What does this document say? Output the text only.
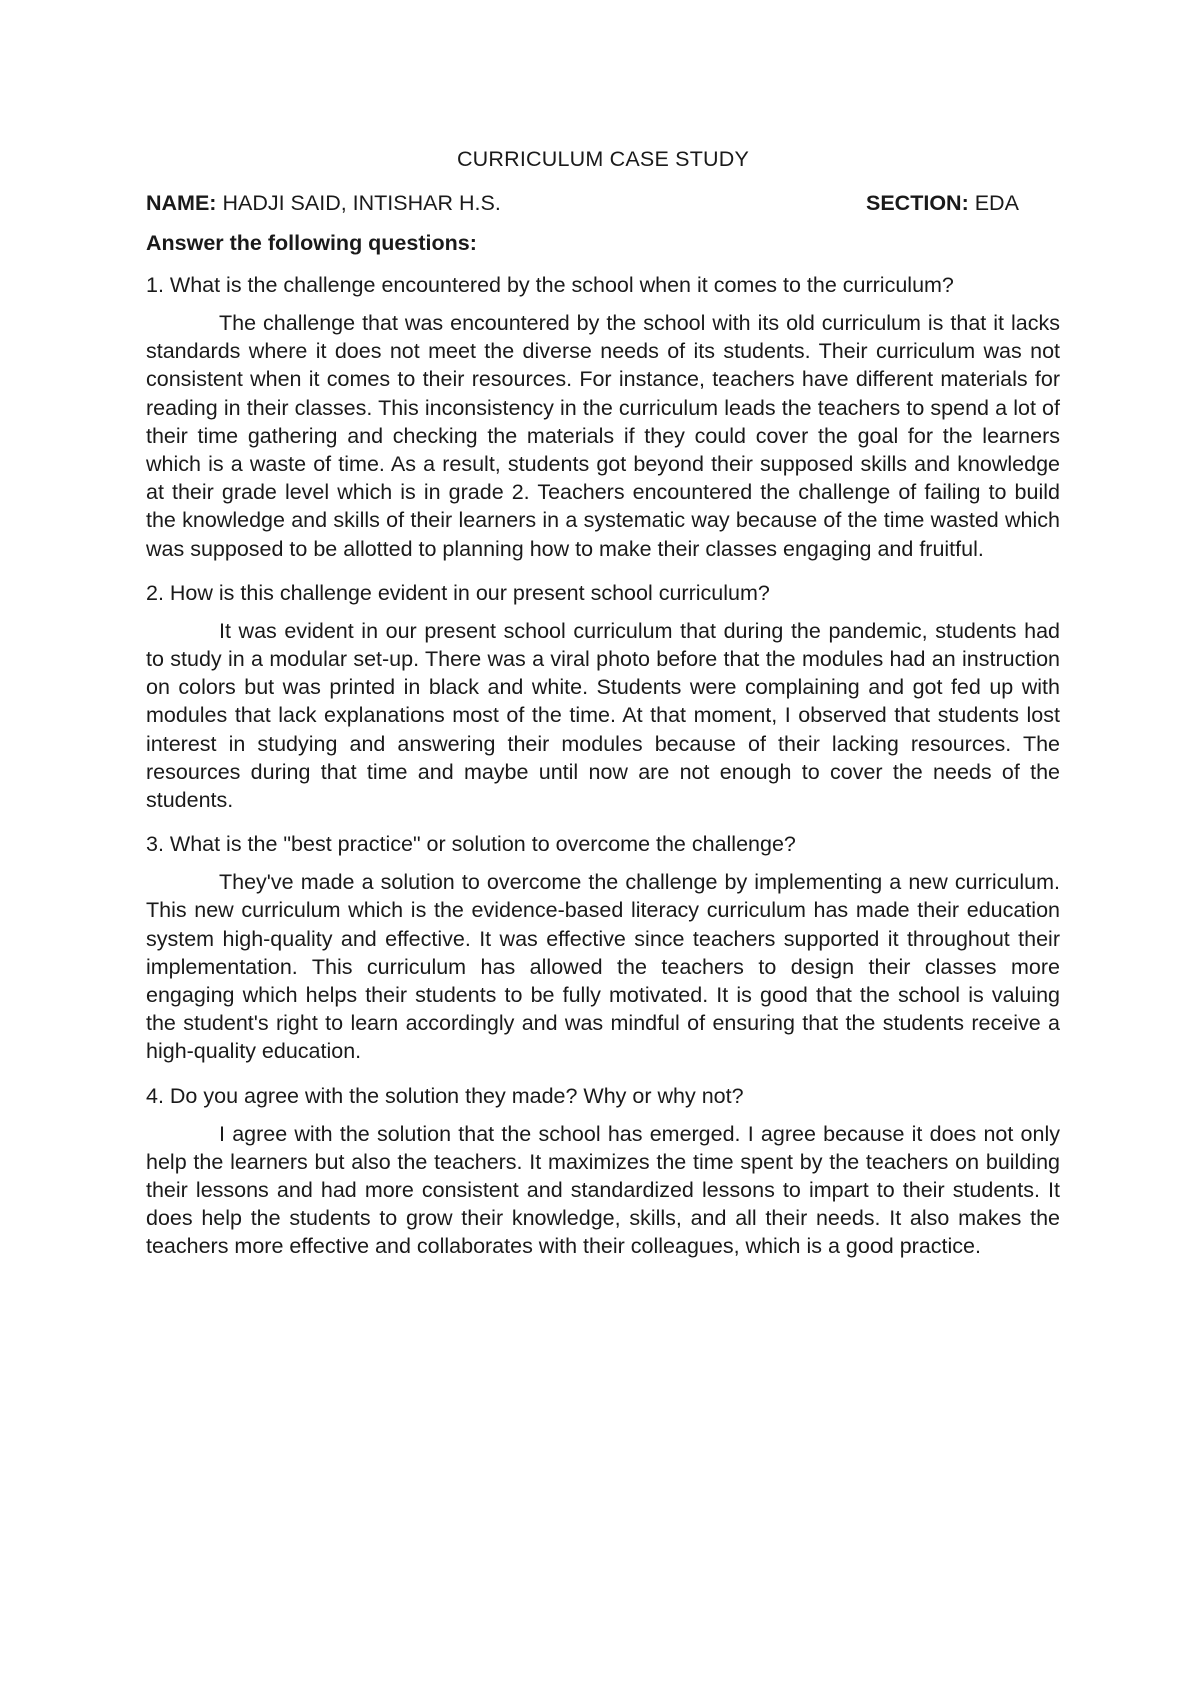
CURRICULUM CASE STUDY
NAME: HADJI SAID, INTISHAR H.S.	SECTION: EDA
Answer the following questions:

1. What is the challenge encountered by the school when it comes to the curriculum?

The challenge that was encountered by the school with its old curriculum is that it lacks standards where it does not meet the diverse needs of its students. Their curriculum was not consistent when it comes to their resources. For instance, teachers have different materials for reading in their classes. This inconsistency in the curriculum leads the teachers to spend a lot of their time gathering and checking the materials if they could cover the goal for the learners which is a waste of time. As a result, students got beyond their supposed skills and knowledge at their grade level which is in grade 2. Teachers encountered the challenge of failing to build the knowledge and skills of their learners in a systematic way because of the time wasted which was supposed to be allotted to planning how to make their classes engaging and fruitful.

2. How is this challenge evident in our present school curriculum?

It was evident in our present school curriculum that during the pandemic, students had to study in a modular set-up. There was a viral photo before that the modules had an instruction on colors but was printed in black and white. Students were complaining and got fed up with modules that lack explanations most of the time. At that moment, I observed that students lost interest in studying and answering their modules because of their lacking resources. The resources during that time and maybe until now are not enough to cover the needs of the students.

3. What is the "best practice" or solution to overcome the challenge?

They've made a solution to overcome the challenge by implementing a new curriculum. This new curriculum which is the evidence-based literacy curriculum has made their education system high-quality and effective. It was effective since teachers supported it throughout their implementation. This curriculum has allowed the teachers to design their classes more engaging which helps their students to be fully motivated. It is good that the school is valuing the student's right to learn accordingly and was mindful of ensuring that the students receive a high-quality education.

4. Do you agree with the solution they made? Why or why not?

I agree with the solution that the school has emerged. I agree because it does not only help the learners but also the teachers. It maximizes the time spent by the teachers on building their lessons and had more consistent and standardized lessons to impart to their students. It does help the students to grow their knowledge, skills, and all their needs. It also makes the teachers more effective and collaborates with their colleagues, which is a good practice.
